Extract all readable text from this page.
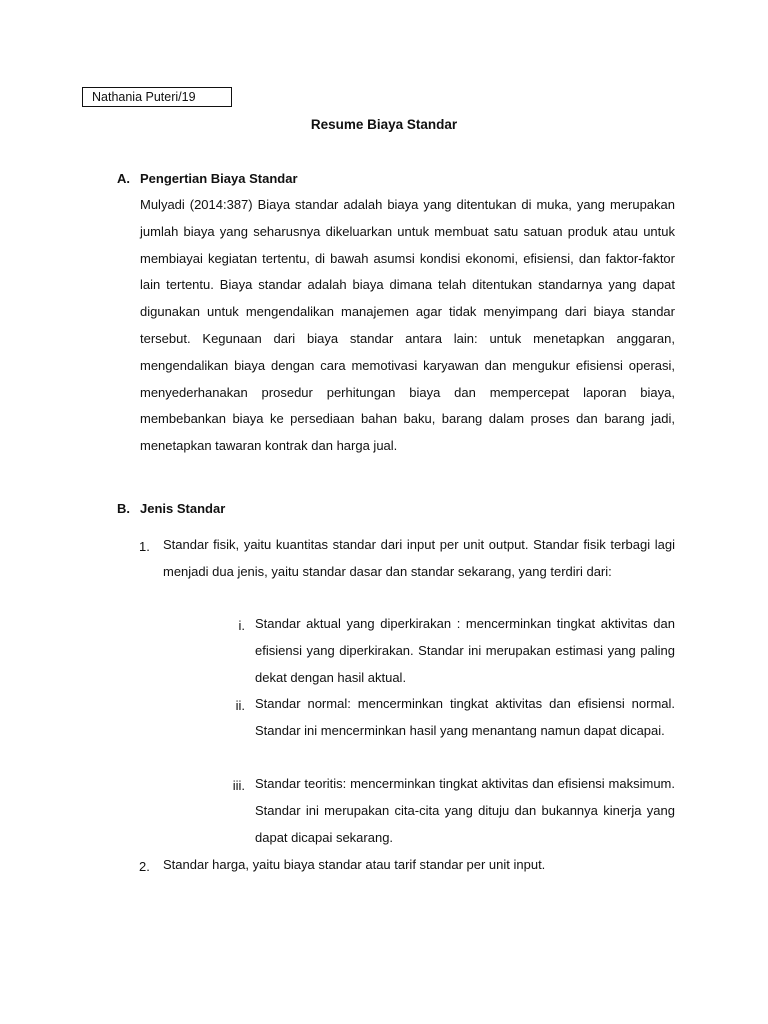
Nathania Puteri/19
Resume Biaya Standar
A. Pengertian Biaya Standar
Mulyadi (2014:387) Biaya standar adalah biaya yang ditentukan di muka, yang merupakan jumlah biaya yang seharusnya dikeluarkan untuk membuat satu satuan produk atau untuk membiayai kegiatan tertentu, di bawah asumsi kondisi ekonomi, efisiensi, dan faktor-faktor lain tertentu. Biaya standar adalah biaya dimana telah ditentukan standarnya yang dapat digunakan untuk mengendalikan manajemen agar tidak menyimpang dari biaya standar tersebut. Kegunaan dari biaya standar antara lain: untuk menetapkan anggaran, mengendalikan biaya dengan cara memotivasi karyawan dan mengukur efisiensi operasi, menyederhanakan prosedur perhitungan biaya dan mempercepat laporan biaya, membebankan biaya ke persediaan bahan baku, barang dalam proses dan barang jadi, menetapkan tawaran kontrak dan harga jual.
B. Jenis Standar
1. Standar fisik, yaitu kuantitas standar dari input per unit output. Standar fisik terbagi lagi menjadi dua jenis, yaitu standar dasar dan standar sekarang, yang terdiri dari:
i. Standar aktual yang diperkirakan : mencerminkan tingkat aktivitas dan efisiensi yang diperkirakan. Standar ini merupakan estimasi yang paling dekat dengan hasil aktual.
ii. Standar normal: mencerminkan tingkat aktivitas dan efisiensi normal. Standar ini mencerminkan hasil yang menantang namun dapat dicapai.
iii. Standar teoritis: mencerminkan tingkat aktivitas dan efisiensi maksimum. Standar ini merupakan cita-cita yang dituju dan bukannya kinerja yang dapat dicapai sekarang.
2. Standar harga, yaitu biaya standar atau tarif standar per unit input.
